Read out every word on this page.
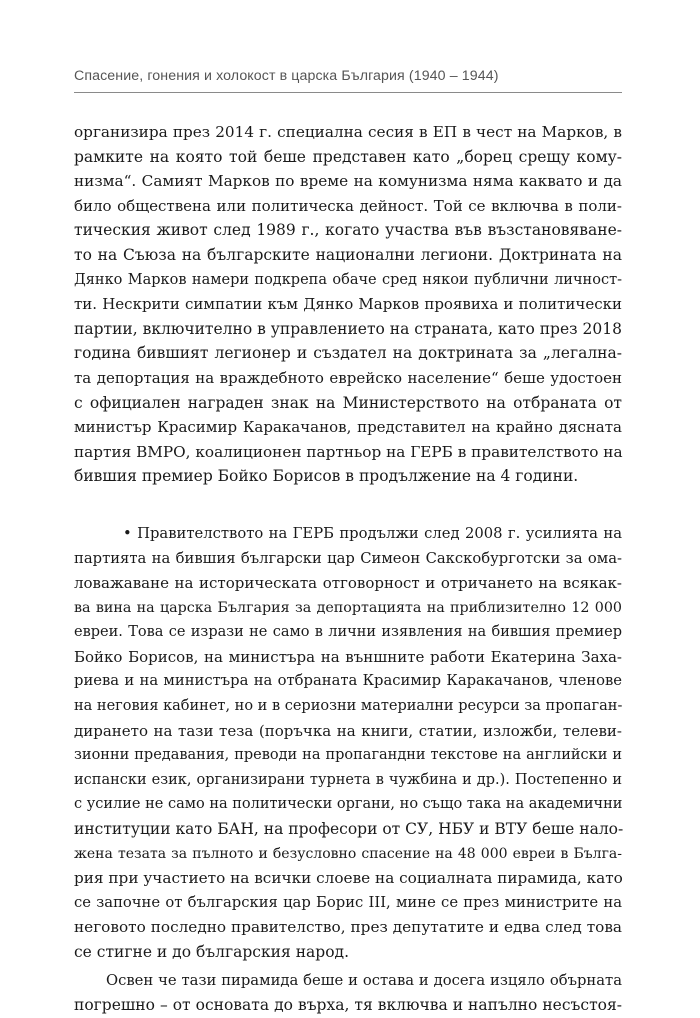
Спасение, гонения и холокост в царска България (1940 – 1944)
организира през 2014 г. специална сесия в ЕП в чест на Марков, в
рамките на която той беше представен като „борец срещу кому-
низма“. Самият Марков по време на комунизма няма каквато и да
било обществена или политическа дейност. Той се включва в поли-
тическия живот след 1989 г., когато участва във възстановяване-
то на Съюза на българските национални легиони. Доктрината на
Дянко Марков намери подкрепа обаче сред някои публични личност-
ти. Нескрити симпатии към Дянко Марков проявиха и политически
партии, включително в управлението на страната, като през 2018
година бившият легионер и създател на доктрината за „легална-
та депортация на враждебното еврейско население“ беше удостоен
с официален награден знак на Министерството на отбраната от
министър Красимир Каракачанов, представител на крайно дясната
партия ВМРО, коалиционен партньор на ГЕРБ в правителството на
бившия премиер Бойко Борисов в продължение на 4 години.
• Правителството на ГЕРБ продължи след 2008 г. усилията на
партията на бившия български цар Симеон Сакскобурготски за ома-
ловажаване на историческата отговорност и отричането на всякак-
ва вина на царска България за депортацията на приблизително 12 000
евреи. Това се изрази не само в лични изявления на бившия премиер
Бойко Борисов, на министъра на външните работи Екатерина Заха-
риева и на министъра на отбраната Красимир Каракачанов, членове
на неговия кабинет, но и в сериозни материални ресурси за пропаган-
дирането на тази теза (поръчка на книги, статии, изложби, телеви-
зионни предавания, преводи на пропагандни текстове на английски и
испански език, организирани турнета в чужбина и др.). Постепенно и
с усилие не само на политически органи, но също така на академични
институции като БАН, на професори от СУ, НБУ и ВТУ беше нало-
жена тезата за пълното и безусловно спасение на 48 000 евреи в Бълга-
рия при участието на всички слоеве на социалната пирамида, като
се започне от българския цар Борис III, мине се през министрите на
неговото последно правителство, през депутатите и едва след това
се стигне и до българския народ.
Освен че тази пирамида беше и остава и досега изцяло обърната
погрешно – от основата до върха, тя включва и напълно несъстоя-
